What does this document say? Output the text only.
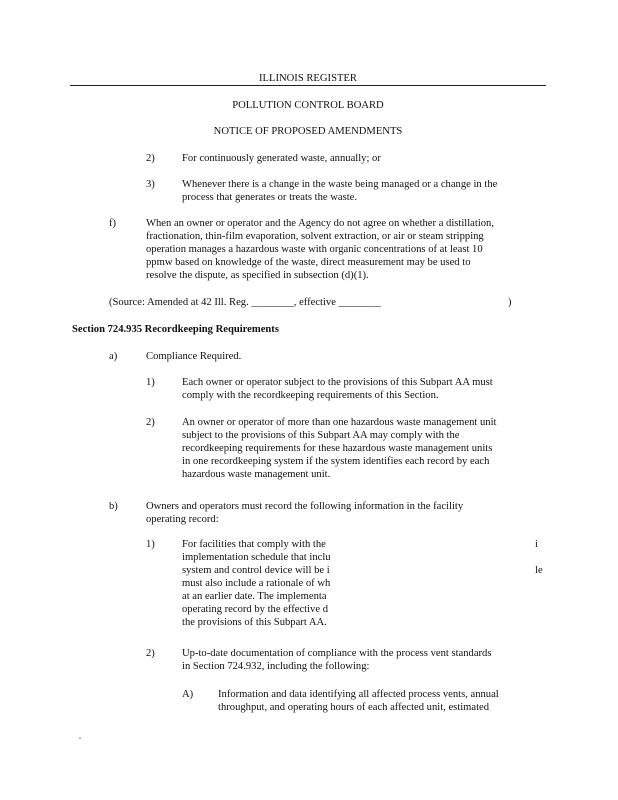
ILLINOIS REGISTER
POLLUTION CONTROL BOARD
NOTICE OF PROPOSED AMENDMENTS
2)	For continuously generated waste, annually; or
3)	Whenever there is a change in the waste being managed or a change in the
process that generates or treats the waste.
f)	When an owner or operator and the Agency do not agree on whether a distillation,
fractionation, thin-film evaporation, solvent extraction, or air or steam stripping
operation manages a hazardous waste with organic concentrations of at least 10
ppmw based on knowledge of the waste, direct measurement may be used to
resolve the dispute, as specified in subsection (d)(1).
(Source: Amended at 42 Ill. Reg. ________, effective ________	)
Section 724.935 Recordkeeping Requirements
a)	Compliance Required.
1)	Each owner or operator subject to the provisions of this Subpart AA must
comply with the recordkeeping requirements of this Section.
2)	An owner or operator of more than one hazardous waste management unit
subject to the provisions of this Subpart AA may comply with the
recordkeeping requirements for these hazardous waste management units
in one recordkeeping system if the system identifies each record by each
hazardous waste management unit.
b)	Owners and operators must record the following information in the facility
operating record:
1)	For facilities that comply with the	i
implementation schedule that inclu
system and control device will be i	le
must also include a rationale of wh
at an earlier date. The implementa
operating record by the effective d
the provisions of this Subpart AA.
2)	Up-to-date documentation of compliance with the process vent standards
in Section 724.932, including the following:
A) Information and data identifying all affected process vents, annual
throughput, and operating hours of each affected unit, estimated
